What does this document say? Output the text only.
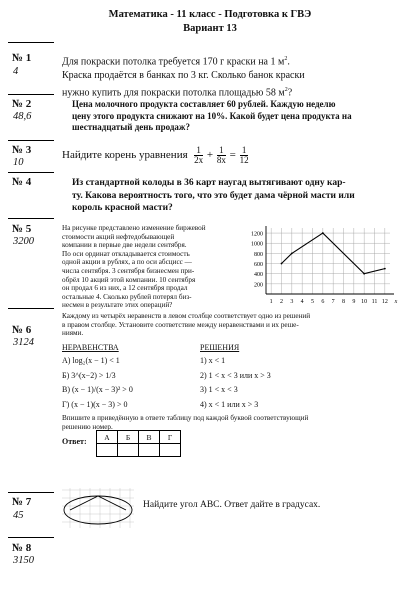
Математика - 11 класс - Подготовка к ГВЭ
Вариант 13
№ 1
4
Для покраски потолка требуется 170 г краски на 1 $м^2$.
Краска продаётся в банках по 3 кг. Сколько банок краски
нужно купить для покраски потолка площадью 58 $м^2$?
№ 2
48,6
Цена молочного продукта составляет 60 рублей. Каждую неделю
цену этого продукта снижают на 10%. Какой будет цена продукта на
шестнадцатый день продаж?
№ 3
10
Найдите корень уравнения $\frac{1}{2x} + \frac{1}{8x} = \frac{1}{12}$
№ 4	Из стандартной колоды в 36 карт наугад вытягивают одну кар-
ту. Какова вероятность того, что это будет дама чёрной масти или
король красной масти?
№ 5
3200
На рисунке представлено изменение биржевой
стоимости акций нефтедобывающей
компании в первые две недели сентября.
По оси ординат откладывается стоимость
одной акции в рублях, а по оси абсцисс —
числа сентября. 3 сентября бизнесмен при-
обрёл 10 акций этой компании. 10 сентября
он продал 6 из них, а 12 сентября продал
остальные 4. Сколько рублей потерял биз-
несмен в результате этих операций?
200
400
600
800
1000
1200
1 2 3 4 5 6 7 8 9 10 11 12 x
№ 6
3124
Каждому из четырёх неравенств в левом столбце соответствует одно из решений
в правом столбце. Установите соответствие между неравенствами и их реше-
ниями.
НЕРАВЕНСТВА	РЕШЕНИЯ
А) log₂(x − 1) < 1
Б) 3^(x−2) > 1/3
В) (x − 1)/(x − 3)² > 0
Г) (x − 1)(x − 3) > 0
1) x < 1
2) 1 < x < 3 или x > 3
3) 1 < x < 3
4) x < 1 или x > 3
Впишите в приведённую в ответе таблицу под каждой буквой соответствующий
решению номер.
Ответ: А	Б	В	Г

№ 7
45
Найдите угол ABC. Ответ дайте в градусах.
№ 8
3150
